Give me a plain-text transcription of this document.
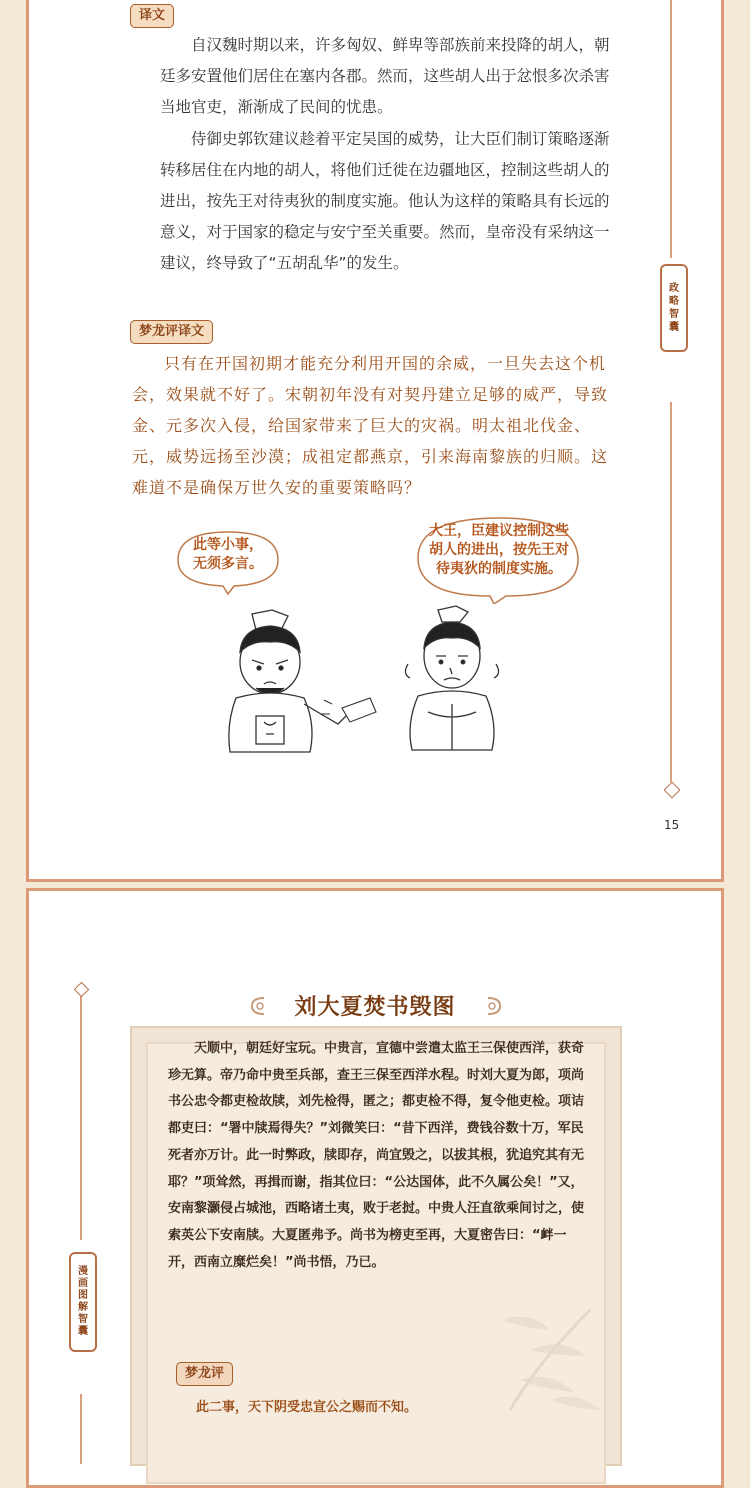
译文

自汉魏时期以来，许多匈奴、鲜卑等部族前来投降的胡人，朝廷多安置他们居住在塞内各郡。然而，这些胡人出于忿恨多次杀害当地官吏，渐渐成了民间的忧患。

侍御史郭钦建议趁着平定吴国的威势，让大臣们制订策略逐渐转移居住在内地的胡人，将他们迁徙在边疆地区，控制这些胡人的进出，按先王对待夷狄的制度实施。他认为这样的策略具有长远的意义，对于国家的稳定与安宁至关重要。然而，皇帝没有采纳这一建议，终导致了“五胡乱华”的发生。

梦龙评译文

只有在开国初期才能充分利用开国的余威，一旦失去这个机会，效果就不好了。宋朝初年没有对契丹建立足够的威严，导致金、元多次入侵，给国家带来了巨大的灾祸。明太祖北伐金、元，威势远扬至沙漠；成祖定都燕京，引来海南黎族的归顺。这难道不是确保万世久安的重要策略吗？

此等小事，
无须多言。
大王，臣建议控制这些
胡人的进出，按先王对
待夷狄的制度实施。
政略智囊
15
漫画图解智囊
刘大夏焚书毁图

天顺中，朝廷好宝玩。中贵言，宣德中尝遣太监王三保使西洋，获奇珍无算。帝乃命中贵至兵部，查王三保至西洋水程。时刘大夏为郎，项尚书公忠令都吏检故牍，刘先检得，匿之；都吏检不得，复令他吏检。项诘都吏曰：“署中牍焉得失？”刘微笑曰：“昔下西洋，费钱谷数十万，军民死者亦万计。此一时弊政，牍即存，尚宜毁之，以拔其根，犹追究其有无耶？”项耸然，再揖而谢，指其位曰：“公达国体，此不久属公矣！”又，安南黎灏侵占城池，西略诸土夷，败于老挝。中贵人汪直欲乘间讨之，使索英公下安南牍。大夏匿弗予。尚书为榜吏至再，大夏密告曰：“衅一开，西南立糜烂矣！”尚书悟，乃已。

梦龙评

此二事，天下阴受忠宣公之赐而不知。
